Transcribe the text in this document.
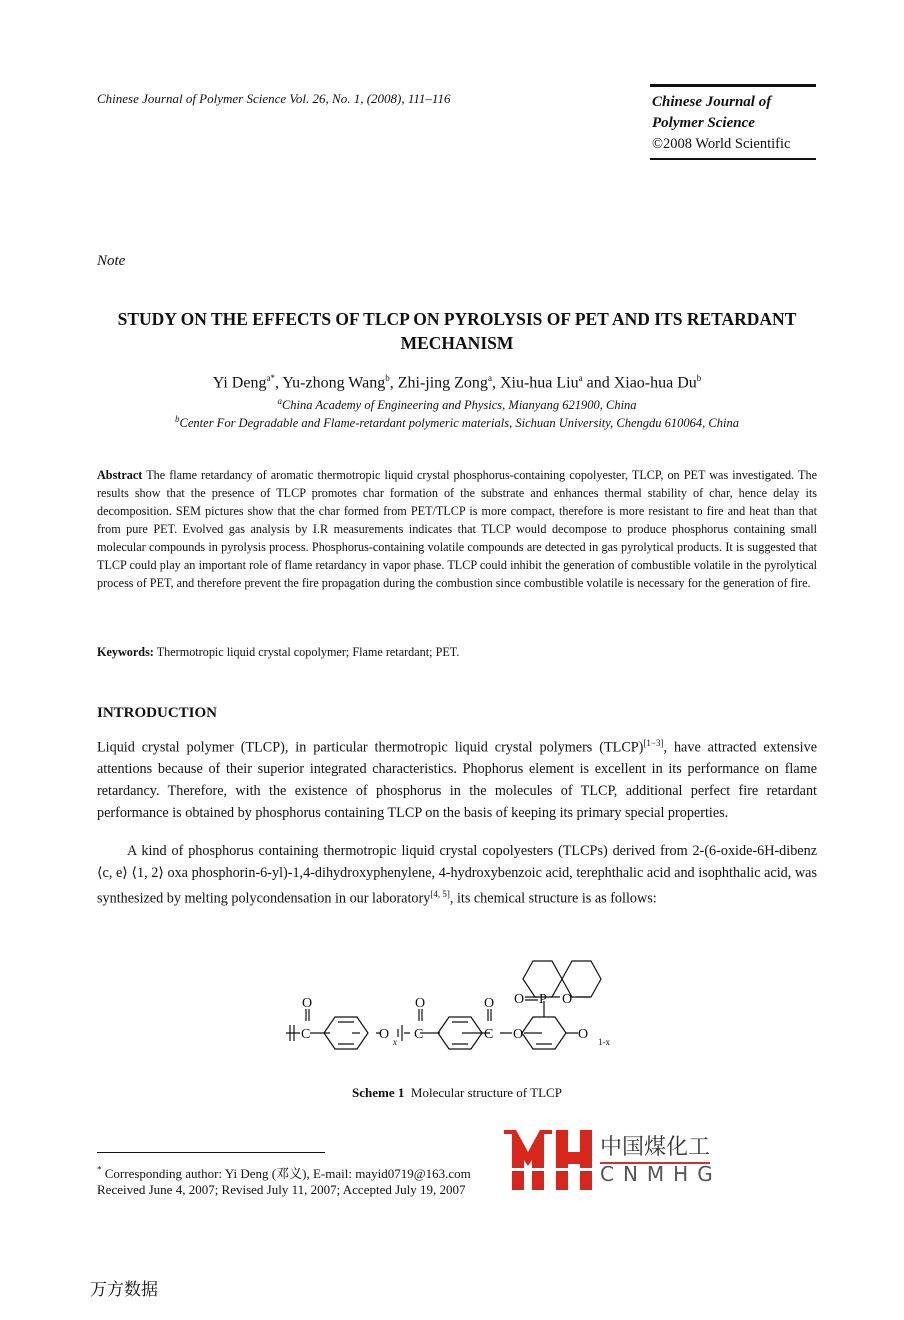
Chinese Journal of Polymer Science Vol. 26, No. 1, (2008), 111–116	Chinese Journal of
Polymer Science
©2008 World Scientific
Note
STUDY ON THE EFFECTS OF TLCP ON PYROLYSIS OF PET AND ITS RETARDANT MECHANISM
Yi Deng$^{a*}$, Yu-zhong Wang$^b$, Zhi-jing Zong$^a$, Xiu-hua Liu$^a$ and Xiao-hua Du$^b$
$^a$China Academy of Engineering and Physics, Mianyang 621900, China
$^b$Center For Degradable and Flame-retardant polymeric materials, Sichuan University, Chengdu 610064, China
Abstract The flame retardancy of aromatic thermotropic liquid crystal phosphorus-containing copolyester, TLCP, on PET was investigated. The results show that the presence of TLCP promotes char formation of the substrate and enhances thermal stability of char, hence delay its decomposition. SEM pictures show that the char formed from PET/TLCP is more compact, therefore is more resistant to fire and heat than that from pure PET. Evolved gas analysis by I.R measurements indicates that TLCP would decompose to produce phosphorus containing small molecular compounds in pyrolysis process. Phosphorus-containing volatile compounds are detected in gas pyrolytical products. It is suggested that TLCP could play an important role of flame retardancy in vapor phase. TLCP could inhibit the generation of combustible volatile in the pyrolytical process of PET, and therefore prevent the fire propagation during the combustion since combustible volatile is necessary for the generation of fire.
Keywords: Thermotropic liquid crystal copolymer; Flame retardant; PET.
INTRODUCTION
Liquid crystal polymer (TLCP), in particular thermotropic liquid crystal polymers (TLCP)[1−3], have attracted extensive attentions because of their superior integrated characteristics. Phophorus element is excellent in its performance on flame retardancy. Therefore, with the existence of phosphorus in the molecules of TLCP, additional perfect fire retardant performance is obtained by phosphorus containing TLCP on the basis of keeping its primary special properties.
A kind of phosphorus containing thermotropic liquid crystal copolyesters (TLCPs) derived from 2-(6-oxide-6H-dibenz ⟨c, e⟩ ⟨1, 2⟩ oxa phosphorin-6-yl)-1,4-dihydroxyphenylene, 4-hydroxybenzoic acid, terephthalic acid and isophthalic acid, was synthesized by melting polycondensation in our laboratory[4, 5], its chemical structure is as follows:
O
C	O x
O
C
O
C O
O P O
O 1-x
Scheme 1 Molecular structure of TLCP
* Corresponding author: Yi Deng (邓义), E-mail: mayid0719@163.com
Received June 4, 2007; Revised July 11, 2007; Accepted July 19, 2007
中国煤化工
CNMHG
万方数据
